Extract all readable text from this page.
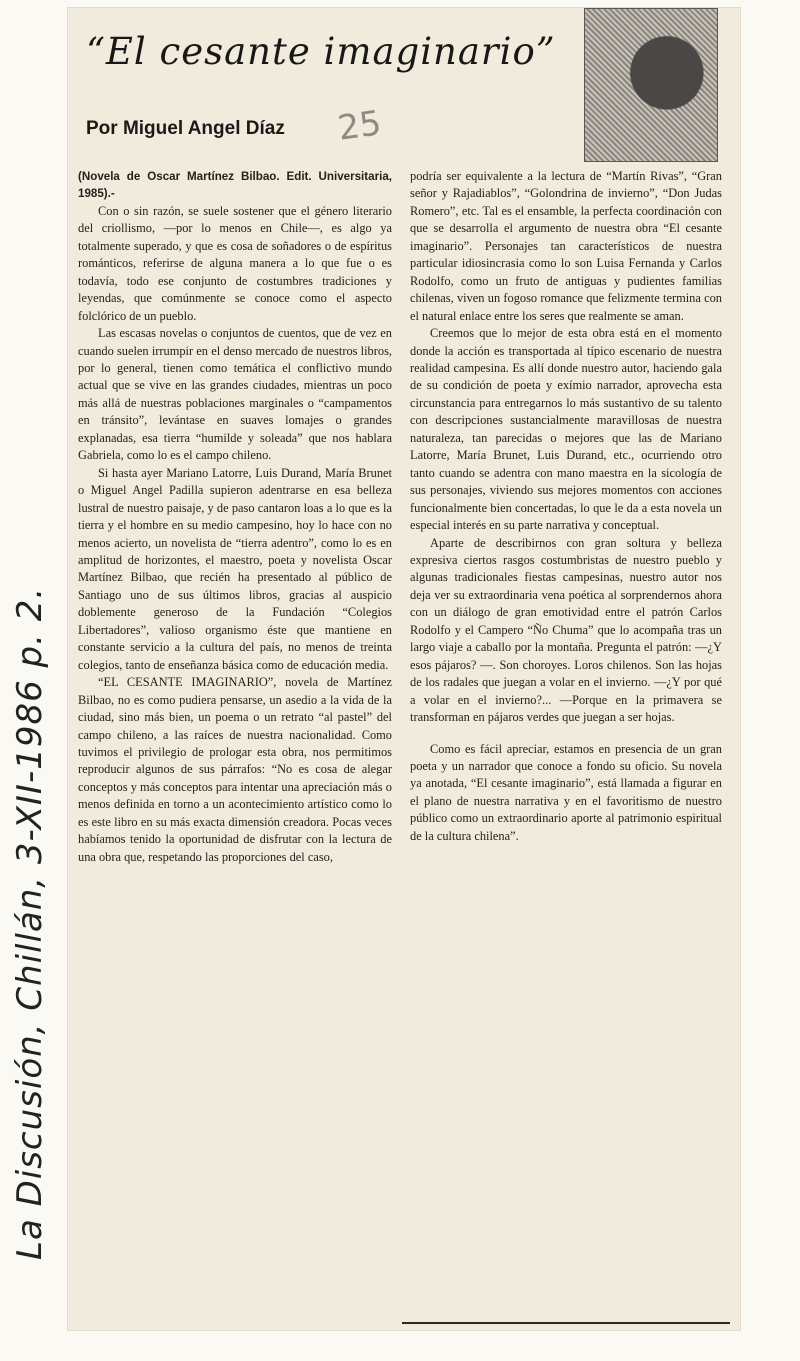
“El cesante imaginario”
Por Miguel Angel Díaz 25

(Novela de Oscar Martínez Bilbao. Edit. Universitaria, 1985).-

Con o sin razón, se suele sostener que el género literario del criollismo, —por lo menos en Chile—, es algo ya totalmente superado, y que es cosa de soñadores o de espíritus románticos, referirse de alguna manera a lo que fue o es todavía, todo ese conjunto de costumbres tradiciones y leyendas, que comúnmente se conoce como el aspecto folclórico de un pueblo.

Las escasas novelas o conjuntos de cuentos, que de vez en cuando suelen irrumpir en el denso mercado de nuestros libros, por lo general, tienen como temática el conflictivo mundo actual que se vive en las grandes ciudades, mientras un poco más allá de nuestras poblaciones marginales o “campamentos en tránsito”, levántase en suaves lomajes o grandes explanadas, esa tierra “humilde y soleada” que nos hablara Gabriela, como lo es el campo chileno.

Si hasta ayer Mariano Latorre, Luis Durand, María Brunet o Miguel Angel Padilla supieron adentrarse en esa belleza lustral de nuestro paisaje, y de paso cantaron loas a lo que es la tierra y el hombre en su medio campesino, hoy lo hace con no menos acierto, un novelista de “tierra adentro”, como lo es en amplitud de horizontes, el maestro, poeta y novelista Oscar Martínez Bilbao, que recién ha presentado al público de Santiago uno de sus últimos libros, gracias al auspicio doblemente generoso de la Fundación “Colegios Libertadores”, valioso organismo éste que mantiene en constante servicio a la cultura del país, no menos de treinta colegios, tanto de enseñanza básica como de educación media.

“EL CESANTE IMAGINARIO”, novela de Martínez Bilbao, no es como pudiera pensarse, un asedio a la vida de la ciudad, sino más bien, un poema o un retrato “al pastel” del campo chileno, a las raíces de nuestra nacionalidad. Como tuvimos el privilegio de prologar esta obra, nos permitimos reproducir algunos de sus párrafos: “No es cosa de alegar conceptos y más conceptos para intentar una apreciación más o menos definida en torno a un acontecimiento artístico como lo es este libro en su más exacta dimensión creadora. Pocas veces habíamos tenido la oportunidad de disfrutar con la lectura de una obra que, respetando las proporciones del caso,

podría ser equivalente a la lectura de “Martín Rivas”, “Gran señor y Rajadiablos”, “Golondrina de invierno”, “Don Judas Romero”, etc. Tal es el ensamble, la perfecta coordinación con que se desarrolla el argumento de nuestra obra “El cesante imaginario”. Personajes tan característicos de nuestra particular idiosincrasia como lo son Luisa Fernanda y Carlos Rodolfo, como un fruto de antiguas y pudientes familias chilenas, viven un fogoso romance que felizmente termina con el natural enlace entre los seres que realmente se aman.

Creemos que lo mejor de esta obra está en el momento donde la acción es transportada al típico escenario de nuestra realidad campesina. Es allí donde nuestro autor, haciendo gala de su condición de poeta y exímio narrador, aprovecha esta circunstancia para entregarnos lo más sustantivo de su talento con descripciones sustancialmente maravillosas de nuestra naturaleza, tan parecidas o mejores que las de Mariano Latorre, María Brunet, Luis Durand, etc., ocurriendo otro tanto cuando se adentra con mano maestra en la sicología de sus personajes, viviendo sus mejores momentos con acciones funcionalmente bien concertadas, lo que le da a esta novela un especial interés en su parte narrativa y conceptual.

Aparte de describirnos con gran soltura y belleza expresiva ciertos rasgos costumbristas de nuestro pueblo y algunas tradicionales fiestas campesinas, nuestro autor nos deja ver su extraordinaria vena poética al sorprendernos ahora con un diálogo de gran emotividad entre el patrón Carlos Rodolfo y el Campero “Ño Chuma” que lo acompaña tras un largo viaje a caballo por la montaña. Pregunta el patrón: —¿Y esos pájaros? —. Son choroyes. Loros chilenos. Son las hojas de los radales que juegan a volar en el invierno. —¿Y por qué a volar en el invierno?... —Porque en la primavera se transforman en pájaros verdes que juegan a ser hojas.

Como es fácil apreciar, estamos en presencia de un gran poeta y un narrador que conoce a fondo su oficio. Su novela ya anotada, “El cesante imaginario”, está llamada a figurar en el plano de nuestra narrativa y en el favoritismo de nuestro público como un extraordinario aporte al patrimonio espiritual de la cultura chilena”.

La Discusión, Chillán, 3-XII-1986 p. 2.
